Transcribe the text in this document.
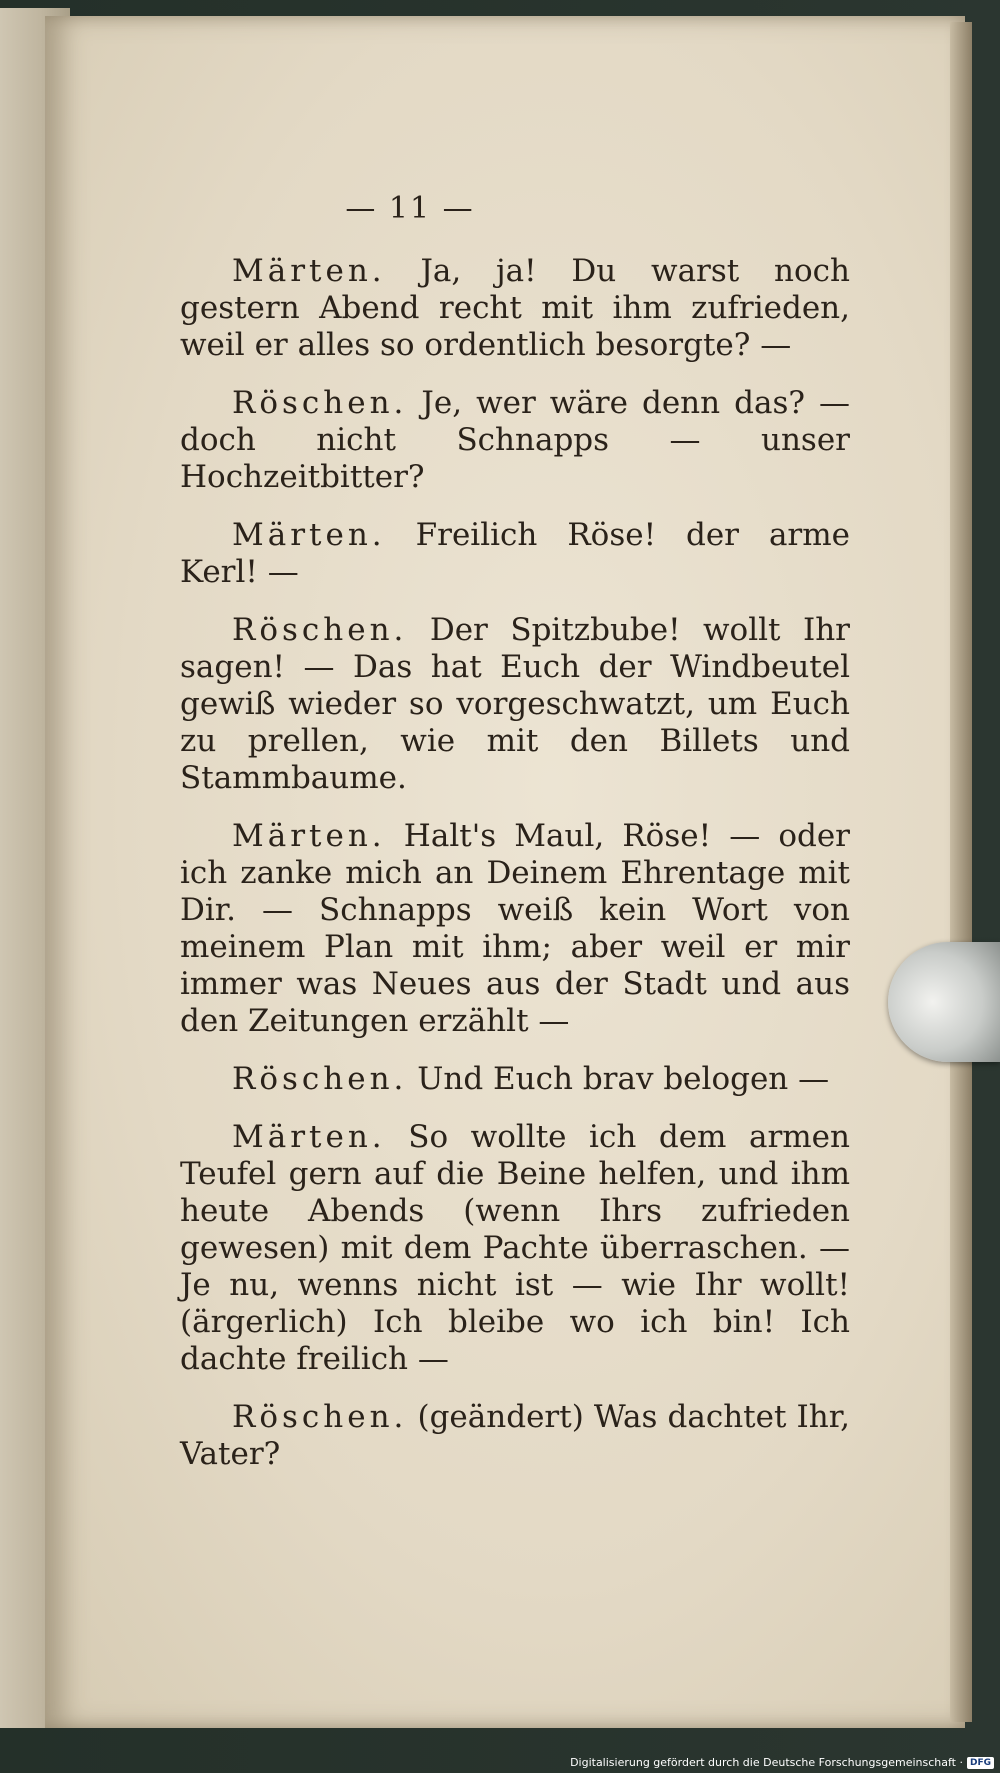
— 11 —

Märten. Ja, ja! Du warst noch gestern Abend recht mit ihm zufrieden, weil er alles so ordentlich besorgte? —

Röschen. Je, wer wäre denn das? — doch nicht Schnapps — unser Hochzeitbitter?

Märten. Freilich Röse! der arme Kerl! —

Röschen. Der Spitzbube! wollt Ihr sagen! — Das hat Euch der Windbeutel gewiß wieder so vorgeschwatzt, um Euch zu prellen, wie mit den Billets und Stammbaume.

Märten. Halt's Maul, Röse! — oder ich zanke mich an Deinem Ehrentage mit Dir. — Schnapps weiß kein Wort von meinem Plan mit ihm; aber weil er mir immer was Neues aus der Stadt und aus den Zeitungen erzählt —

Röschen. Und Euch brav belogen —

Märten. So wollte ich dem armen Teufel gern auf die Beine helfen, und ihm heute Abends (wenn Ihrs zufrieden gewesen) mit dem Pachte überraschen. — Je nu, wenns nicht ist — wie Ihr wollt! (ärgerlich) Ich bleibe wo ich bin! Ich dachte freilich —

Röschen. (geändert) Was dachtet Ihr, Vater?

Digitalisierung gefördert durch die Deutsche Forschungsgemeinschaft · DFG
